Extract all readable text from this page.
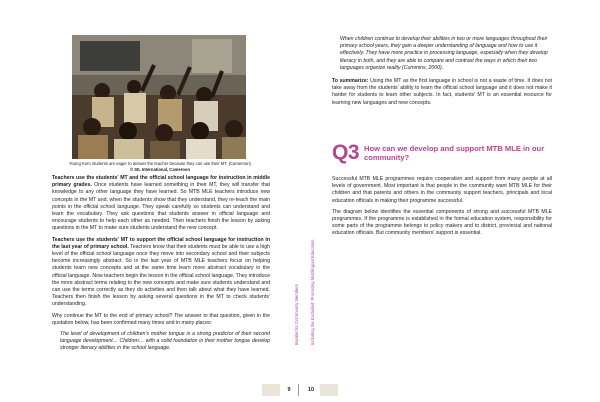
Young Koro students are eager to answer the teacher because they can use their MT. (Cameroon)
© SIL International, Cameroon

Teachers use the students' MT and the official school language for instruction in middle primary grades. Once students have learned something in their MT, they will transfer that knowledge to any other language they have learned. So MTB MLE teachers introduce new concepts in the MT and, when the students show that they understand, they re-teach the main points in the official school language. They speak carefully so students can understand and learn the vocabulary. They ask questions that students answer in official language and encourage students to help each other as needed. Then teachers finish the lesson by asking questions in the MT to make sure students understand the new concept.

Teachers use the students' MT to support the official school language for instruction in the last year of primary school. Teachers know that their students must be able to use a high level of the official school language once they move into secondary school and their subjects become increasingly abstract. So in the last year of MTB MLE teachers focus on helping students learn new concepts and at the same time learn more abstract vocabulary in the official language. Now teachers begin the lesson in the official school language. They introduce the more abstract terms relating to the new concepts and make sure students understand and can use the terms correctly as they do activities and then talk about what they have learned. Teachers then finish the lesson by asking several questions in the MT to check students' understanding.

Why continue the MT to the end of primary school? The answer to that question, given in the quotation below, has been confirmed many times and in many places:

The level of development of children's mother tongue is a strong predictor of their second language development… Children… with a solid foundation in their mother tongue develop stronger literacy abilities in the school language.

Booklet for Community Members
9
Including the Excluded: Promoting Multilingual Education
10
When children continue to develop their abilities in two or more languages throughout their primary school years, they gain a deeper understanding of language and how to use it effectively. They have more practice in processing language, especially when they develop literacy in both, and they are able to compare and contrast the ways in which their two languages organize reality (Cummins, 2000).

To summarize: Using the MT as the first language in school is not a waste of time. It does not take away from the students' ability to learn the official school language and it does not make it harder for students to learn other subjects. In fact, students' MT is an essential resource for learning new languages and new concepts.

Q3 How can we develop and support MTB MLE in our community?

Successful MTB MLE programmes require cooperation and support from many people at all levels of government. Most important is that people in the community want MTB MLE for their children and that parents and others in the community support teachers, principals and local education officials in making their programme successful.

The diagram below identifies the essential components of strong and successful MTB MLE programmes. If the programme is established in the formal education system, responsibility for some parts of the programme belongs to policy makers and to district, provincial and national education officials. But community members' support is essential.
